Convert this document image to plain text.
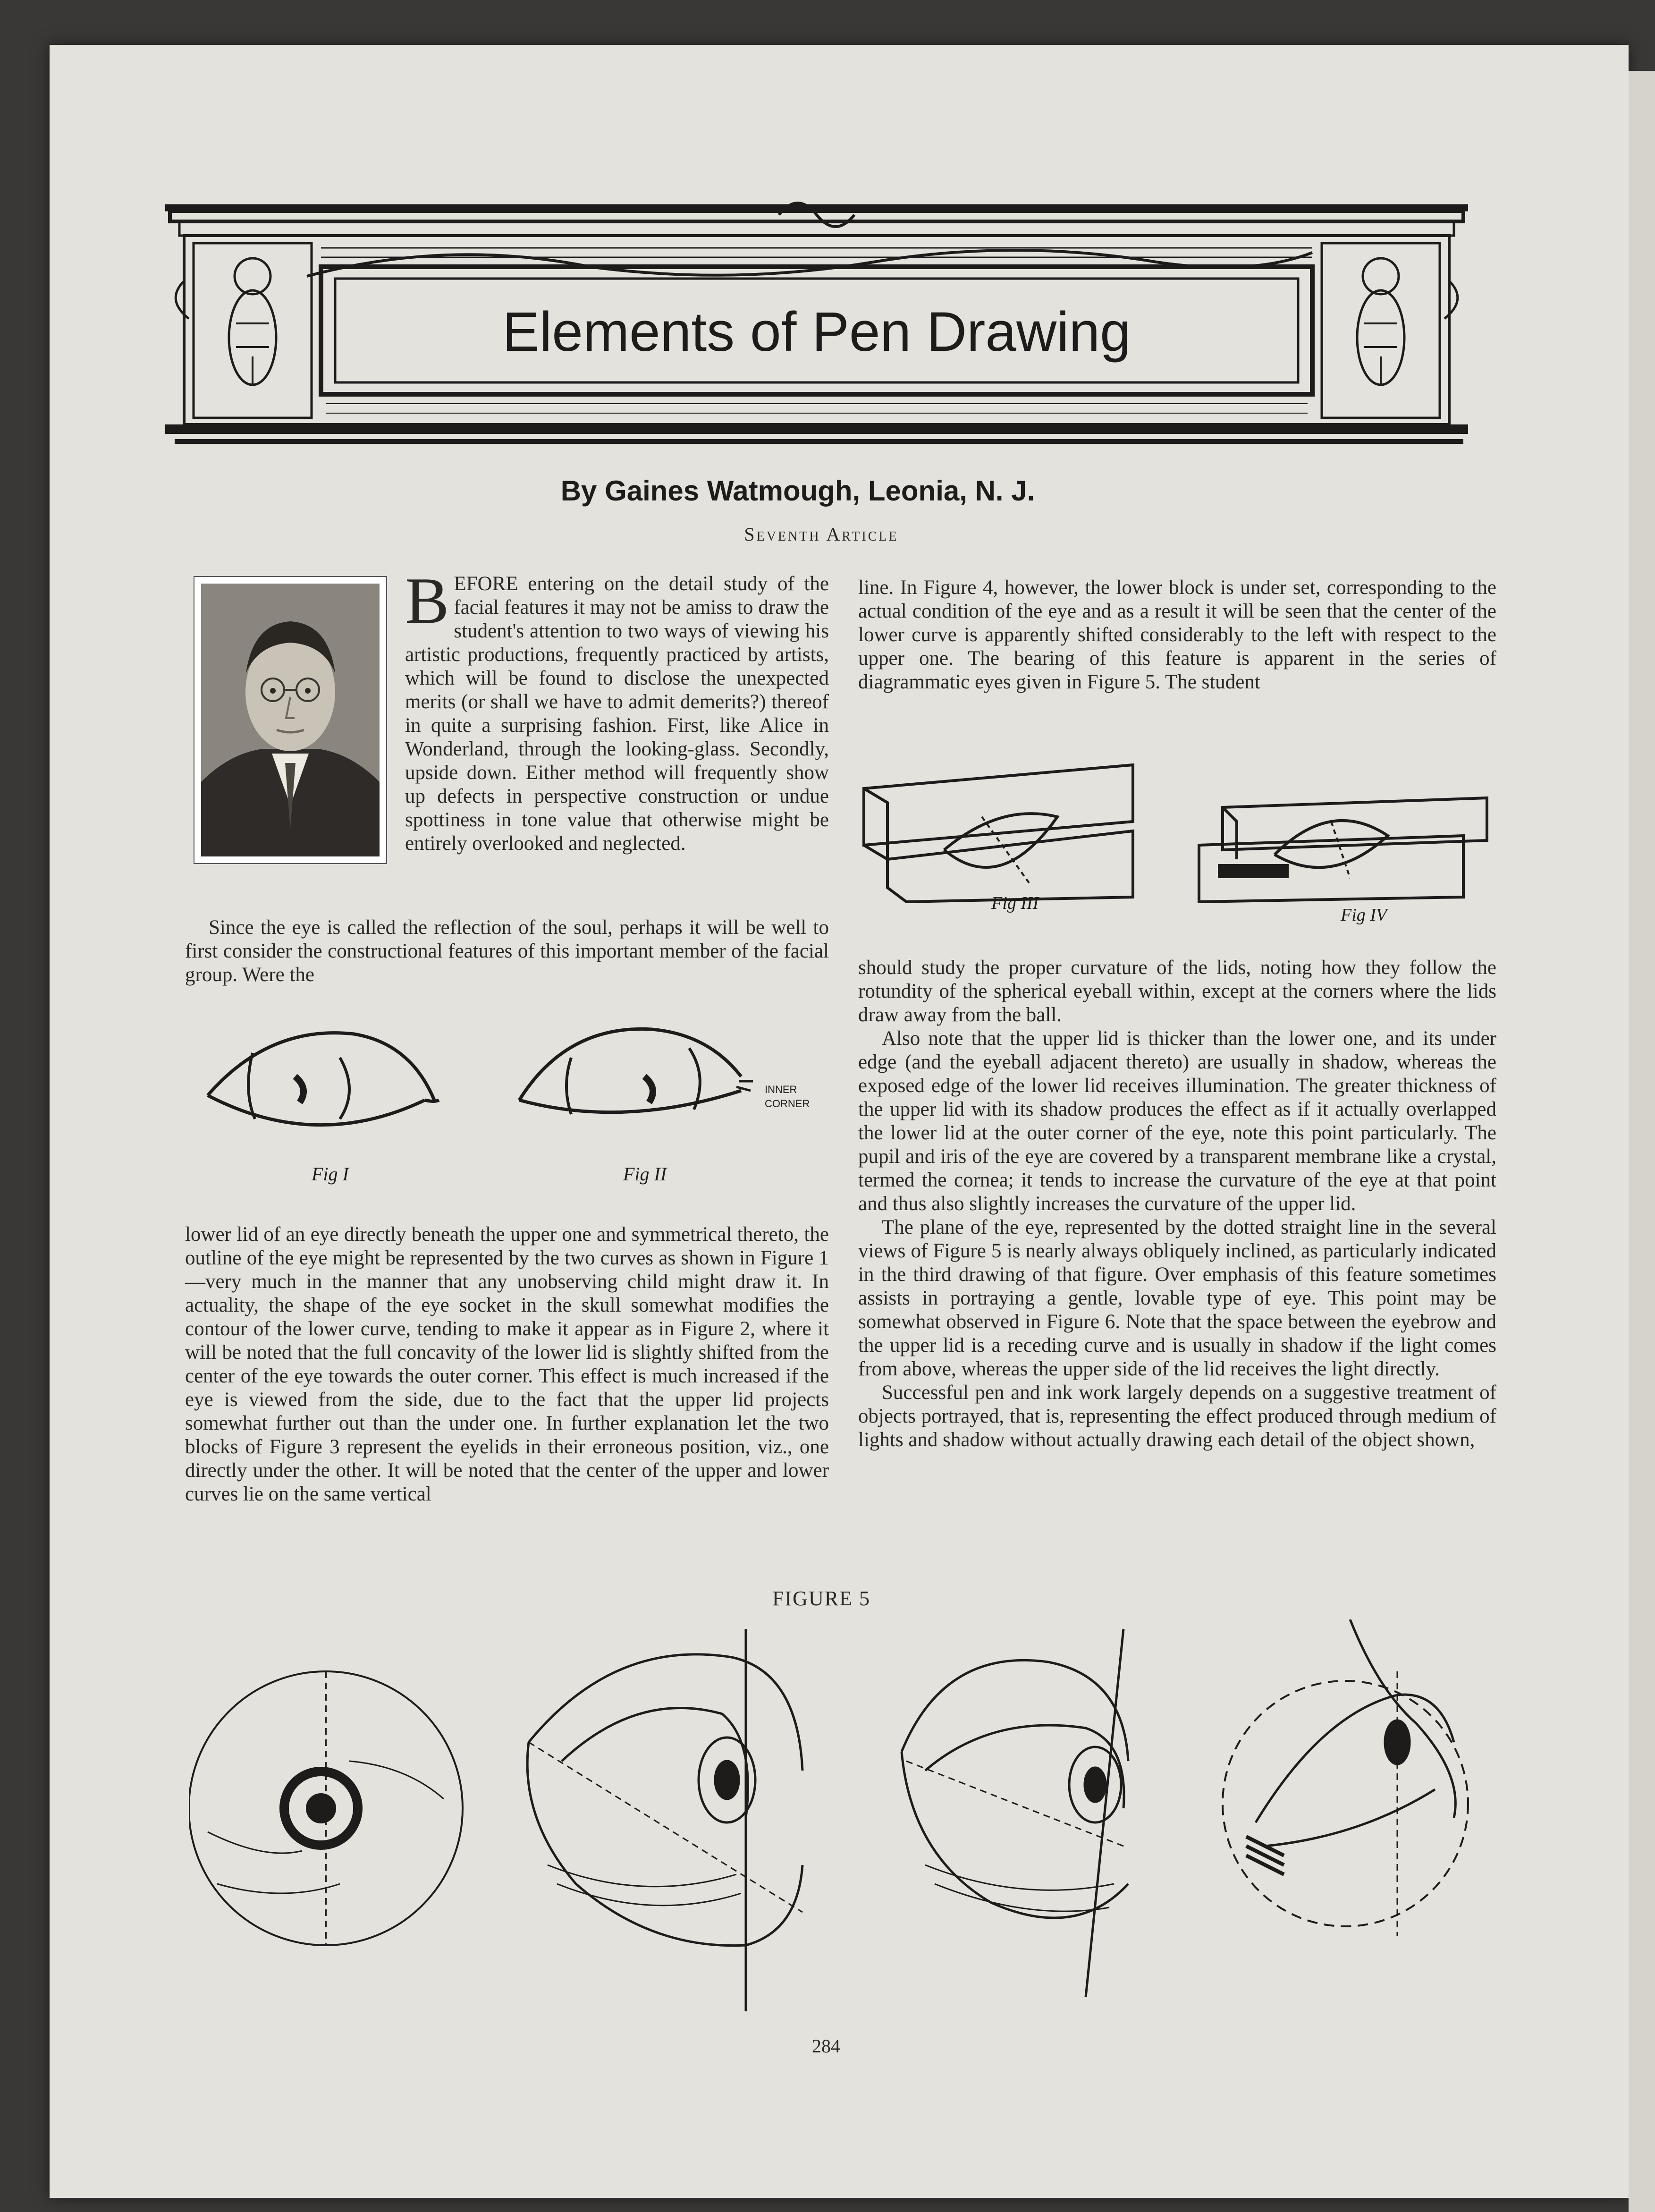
Elements of Pen Drawing
By Gaines Watmough, Leonia, N. J.
Seventh Article
BEFORE entering on the detail study of the facial features it may not be amiss to draw the student's attention to two ways of viewing his artistic productions, frequently practiced by artists, which will be found to disclose the unexpected merits (or shall we have to admit demerits?) thereof in quite a surprising fashion. First, like Alice in Wonderland, through the looking-glass. Secondly, upside down. Either method will frequently show up defects in perspective construction or undue spottiness in tone value that otherwise might be entirely overlooked and neglected.

Since the eye is called the reflection of the soul, perhaps it will be well to first consider the constructional features of this important member of the facial group. Were the

INNER
CORNER
Fig I	Fig II

lower lid of an eye directly beneath the upper one and symmetrical thereto, the outline of the eye might be represented by the two curves as shown in Figure 1—very much in the manner that any unobserving child might draw it. In actuality, the shape of the eye socket in the skull somewhat modifies the contour of the lower curve, tending to make it appear as in Figure 2, where it will be noted that the full concavity of the lower lid is slightly shifted from the center of the eye towards the outer corner. This effect is much increased if the eye is viewed from the side, due to the fact that the upper lid projects somewhat further out than the under one. In further explanation let the two blocks of Figure 3 represent the eyelids in their erroneous position, viz., one directly under the other. It will be noted that the center of the upper and lower curves lie on the same vertical

line. In Figure 4, however, the lower block is under set, corresponding to the actual condition of the eye and as a result it will be seen that the center of the lower curve is apparently shifted considerably to the left with respect to the upper one. The bearing of this feature is apparent in the series of diagrammatic eyes given in Figure 5. The student

Fig III
Fig IV

should study the proper curvature of the lids, noting how they follow the rotundity of the spherical eyeball within, except at the corners where the lids draw away from the ball.

Also note that the upper lid is thicker than the lower one, and its under edge (and the eyeball adjacent thereto) are usually in shadow, whereas the exposed edge of the lower lid receives illumination. The greater thickness of the upper lid with its shadow produces the effect as if it actually overlapped the lower lid at the outer corner of the eye, note this point particularly. The pupil and iris of the eye are covered by a transparent membrane like a crystal, termed the cornea; it tends to increase the curvature of the eye at that point and thus also slightly increases the curvature of the upper lid.

The plane of the eye, represented by the dotted straight line in the several views of Figure 5 is nearly always obliquely inclined, as particularly indicated in the third drawing of that figure. Over emphasis of this feature sometimes assists in portraying a gentle, lovable type of eye. This point may be somewhat observed in Figure 6. Note that the space between the eyebrow and the upper lid is a receding curve and is usually in shadow if the light comes from above, whereas the upper side of the lid receives the light directly.

Successful pen and ink work largely depends on a suggestive treatment of objects portrayed, that is, representing the effect produced through medium of lights and shadow without actually drawing each detail of the object shown,

FIGURE 5
284
